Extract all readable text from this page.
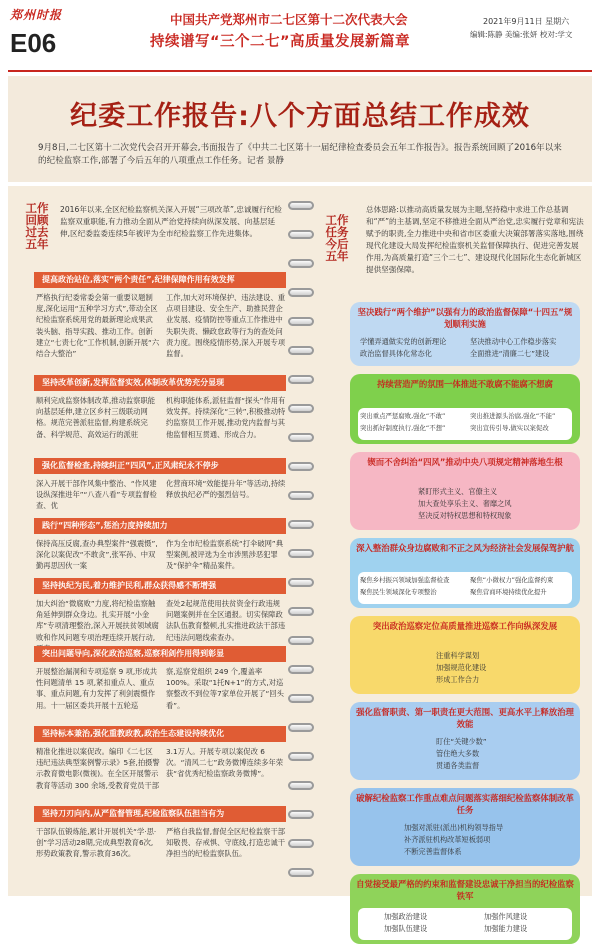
郑州时报
E06
中国共产党郑州市二七区第十二次代表大会
持续谱写“三个二七”高质量发展新篇章
2021年9月11日 星期六
编辑:陈静 美编:张妍 校对:学文
纪委工作报告:八个方面总结工作成效
9月8日,二七区第十二次党代会召开开幕会,书面报告了《中共二七区第十一届纪律检查委员会五年工作报告》。报告系统回顾了2016年以来的纪检监察工作,部署了今后五年的八项重点工作任务。记者 景静
工作回顾
过去五年
2016年以来,全区纪检监察机关深入开展“三项改革”,忠诚履行纪检监察双重职能,有力推动全面从严治党持续向纵深发展、向基层延伸,区纪委监委连续5年被评为全市纪检监察工作先进集体。
提高政治站位,落实“两个责任”,纪律保障作用有效发挥
严格执行纪委常委会第一重要议题制度,深化运用“五种学习方式”,带动全区纪检监察系统用党的最新理论成果武装头脑、指导实践、推动工作。创新建立“七责七化”工作机制,创新开展“六结合大整治”
工作,加大对环境保护、违法建设、重点项目建设、安全生产、助推民营企业发展、疫情防控等重点工作推进中失职失责、懒政怠政等行为的查处问责力度。围绕疫情形势,深入开展专项监督。
坚持改革创新,发挥监督实效,体制改革优势充分显现
顺利完成监察体制改革,推动监察职能向基层延伸,建立区乡村三级联动网格。规范完善派驻监督,构建系统完备、科学规范、高效运行的派驻
机构职能体系,派驻监督“探头”作用有效发挥。持续深化“三转”,积极推动特约监察员工作开展,推动党内监督与其他监督相互贯通、形成合力。
强化监督检查,持续纠正“四风”,正风肃纪永不停步
深入开展干部作风集中整治、“作风建设纵深推进年”“八查八看”专项监督检查、优
化营商环境“效能提升年”等活动,持续释放执纪必严的强烈信号。
践行“四种形态”,惩治力度持续加力
保持高压反腐,查办典型案件“强震慑”,深化以案促改“不敢贪”,张军孙、中双勤再思因伙一案
作为全市纪检监察系统“打伞破网”典型案例,被评选为全市涉黑涉恶犯罪及“保护伞”精品案件。
坚持执纪为民,着力维护民利,群众获得感不断增强
加大纠治“微腐败”力度,将纪检监察触角延伸到群众身边。扎实开展“小金库”专项清理整治,深入开展扶贫领域腐败和作风问题专项治理连续开展行动,
查处2起规范使用扶贫资金行政违规问题案例并在全区通报。切实保障政法队伍教育整顿,扎实推进政法干部违纪违法问题线索查办。
突出问题导向,深化政治巡察,巡察利剑作用得到彰显
开展整治漏洞和专项巡察 9 项,形成共性问题清单 15 项,紧扣重点人、重点事、重点问题,有力发挥了利剑震慑作用。十一届区委共开展十五轮巡
察,巡察党组织 249 个,覆盖率100%。采取“1托N+1”的方式,对巡察整改不到位等7家单位开展了“回头看”。
坚持标本兼治,强化重教政教,政治生态建设持续优化
精准化推进以案促改。编印《二七区违纪违法典型案例警示录》5套,拍摄警示教育微电影(微视)。在全区开展警示教育等活动 300 余场,受教育党员干部
3.1万人。开展专项以案促改 6 次。“清风二七”政务微博连续多年荣获“省优秀纪检监察政务微博”。
坚持刀刃向内,从严监督管理,纪检监察队伍担当有为
干部队伍锻炼能,累计开展机关“学·思·创”学习活动28期,完成典型教育6次,形势政策教育,警示教育36次。
严格自我监督,督促全区纪检监察干部知敬畏、存戒惧、守底线,打造忠诚干净担当的纪检监察队伍。
工作任务
今后五年
总体思路:以推动高质量发展为主题,坚持稳中求进工作总基调和“严”的主基调,坚定不移推进全面从严治党,忠实履行党章和宪法赋予的职责,全力推进中央和省市区委重大决策部署落实落地,围绕现代化建设大局发挥纪检监察机关监督保障执行、促进完善发展作用,为高质量打造“三个二七”、建设现代化国际化生态化新城区提供坚强保障。
坚决践行“两个维护”以强有力的政治监督保障“十四五”规划顺利实施
学懂弄通做实党的创新理论	坚决推动中心工作稳步落实
政治监督具体化常态化	全面推进“清廉二七”建设
持续营造严的氛围一体推进不敢腐不能腐不想腐
突出重点严惩腐败,强化“不敢”	突出推进源头治腐,强化“不能”
突出抓好制度执行,强化“不想”	突出宣传引导,做实以案促改
锲而不舍纠治“四风”推动中央八项规定精神落地生根
紧盯形式主义、官僚主义
加大查处享乐主义、奢靡之风
坚决反对特权思想和特权现象
深入整治群众身边腐败和不正之风为经济社会发展保驾护航
聚焦乡村振兴领域加强监督检查	聚焦“小微权力”强化监督约束
聚焦民生领域深化专项整治	聚焦营商环境持续优化提升
突出政治巡察定位高质量推进巡察工作向纵深发展
注重科学谋划
加强规范化建设
形成工作合力
强化监督职责、第一职责在更大范围、更高水平上释放治理效能
盯住“关键少数”
管住绝大多数
贯通各类监督
破解纪检监察工作重点难点问题落实落细纪检监察体制改革任务
加强对派驻(派出)机构领导指导
补齐派驻机构改革短板弱项
不断完善监督体系
自觉接受最严格的约束和监督建设忠诚干净担当的纪检监察铁军
加强政治建设	加强作风建设
加强队伍建设	加强能力建设
